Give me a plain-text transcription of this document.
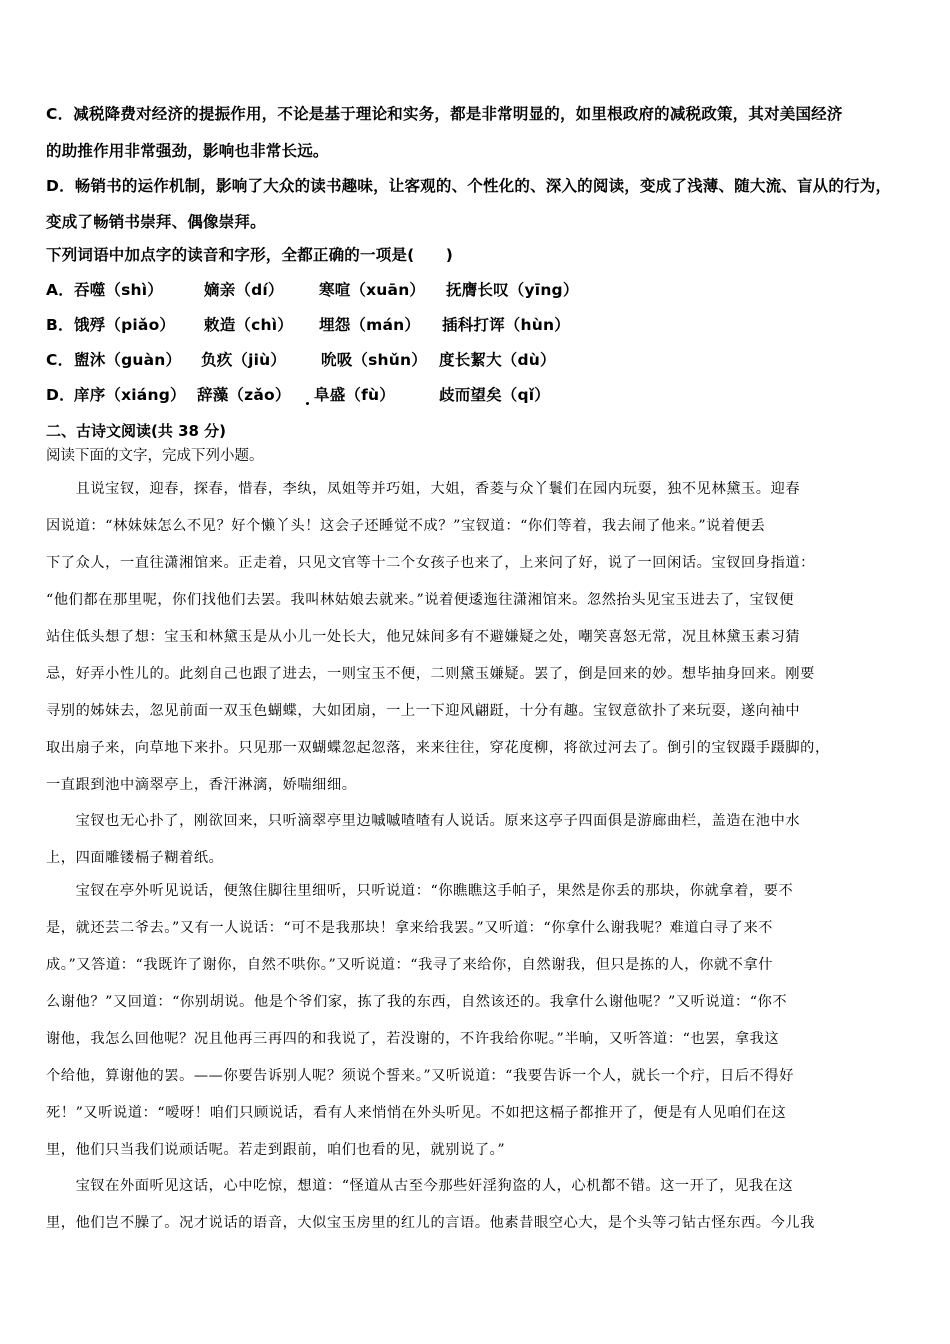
C．减税降费对经济的提振作用，不论是基于理论和实务，都是非常明显的，如里根政府的减税政策，其对美国经济
的助推作用非常强劲，影响也非常长远。
D．畅销书的运作机制，影响了大众的读书趣味，让客观的、个性化的、深入的阅读，变成了浅薄、随大流、盲从的行为，
变成了畅销书崇拜、偶像崇拜。
下列词语中加点字的读音和字形，全都正确的一项是(　　)
A． 吞噬（shì）	嫡亲（dí） 寒喧（xuān） 抚膺长叹（yīng）
B． 饿殍（piǎo） 敕造（chì） 埋怨（mán） 插科打诨（hùn）
C． 盥沐（guàn） 负疚（jiù） 吮吸（shǔn） 度长絜大（dù）
D． 庠序（xiáng） 辞藻（zǎo） 阜盛（fù）	歧而望矣（qǐ）
二、古诗文阅读(共 38 分)
阅读下面的文字，完成下列小题。
　　且说宝钗，迎春，探春，惜春，李纨，凤姐等并巧姐，大姐，香菱与众丫鬟们在园内玩耍，独不见林黛玉。迎春
因说道：“林妹妹怎么不见？好个懒丫头！这会子还睡觉不成？”宝钗道：“你们等着，我去闹了他来。”说着便丢
下了众人，一直往潇湘馆来。正走着，只见文官等十二个女孩子也来了，上来问了好，说了一回闲话。宝钗回身指道：
“他们都在那里呢，你们找他们去罢。我叫林姑娘去就来。”说着便逶迤往潇湘馆来。忽然抬头见宝玉进去了，宝钗便
站住低头想了想：宝玉和林黛玉是从小儿一处长大，他兄妹间多有不避嫌疑之处，嘲笑喜怒无常，况且林黛玉素习猜
忌，好弄小性儿的。此刻自己也跟了进去，一则宝玉不便，二则黛玉嫌疑。罢了，倒是回来的妙。想毕抽身回来。刚要
寻别的姊妹去，忽见前面一双玉色蝴蝶，大如团扇，一上一下迎风翩跹，十分有趣。宝钗意欲扑了来玩耍，遂向袖中
取出扇子来，向草地下来扑。只见那一双蝴蝶忽起忽落，来来往往，穿花度柳，将欲过河去了。倒引的宝钗蹑手蹑脚的，
一直跟到池中滴翠亭上，香汗淋漓，娇喘细细。
　　宝钗也无心扑了，刚欲回来，只听滴翠亭里边嘁嘁喳喳有人说话。原来这亭子四面俱是游廊曲栏，盖造在池中水
上，四面雕镂槅子糊着纸。
　　宝钗在亭外听见说话，便煞住脚往里细听，只听说道：“你瞧瞧这手帕子，果然是你丢的那块，你就拿着，要不
是，就还芸二爷去。”又有一人说话：“可不是我那块！拿来给我罢。”又听道：“你拿什么谢我呢？难道白寻了来不
成。”又答道：“我既许了谢你，自然不哄你。”又听说道：“我寻了来给你，自然谢我，但只是拣的人，你就不拿什
么谢他？”又回道：“你别胡说。他是个爷们家，拣了我的东西，自然该还的。我拿什么谢他呢？”又听说道：“你不
谢他，我怎么回他呢？况且他再三再四的和我说了，若没谢的，不许我给你呢。”半晌，又听答道：“也罢，拿我这
个给他，算谢他的罢。——你要告诉别人呢？须说个誓来。”又听说道：“我要告诉一个人，就长一个疔，日后不得好
死！”又听说道：“嗳呀！咱们只顾说话，看有人来悄悄在外头听见。不如把这槅子都推开了，便是有人见咱们在这
里，他们只当我们说顽话呢。若走到跟前，咱们也看的见，就别说了。”
　　宝钗在外面听见这话，心中吃惊，想道：“怪道从古至今那些奸淫狗盗的人，心机都不错。这一开了，见我在这
里，他们岂不臊了。况才说话的语音，大似宝玉房里的红儿的言语。他素昔眼空心大，是个头等刁钻古怪东西。今儿我
